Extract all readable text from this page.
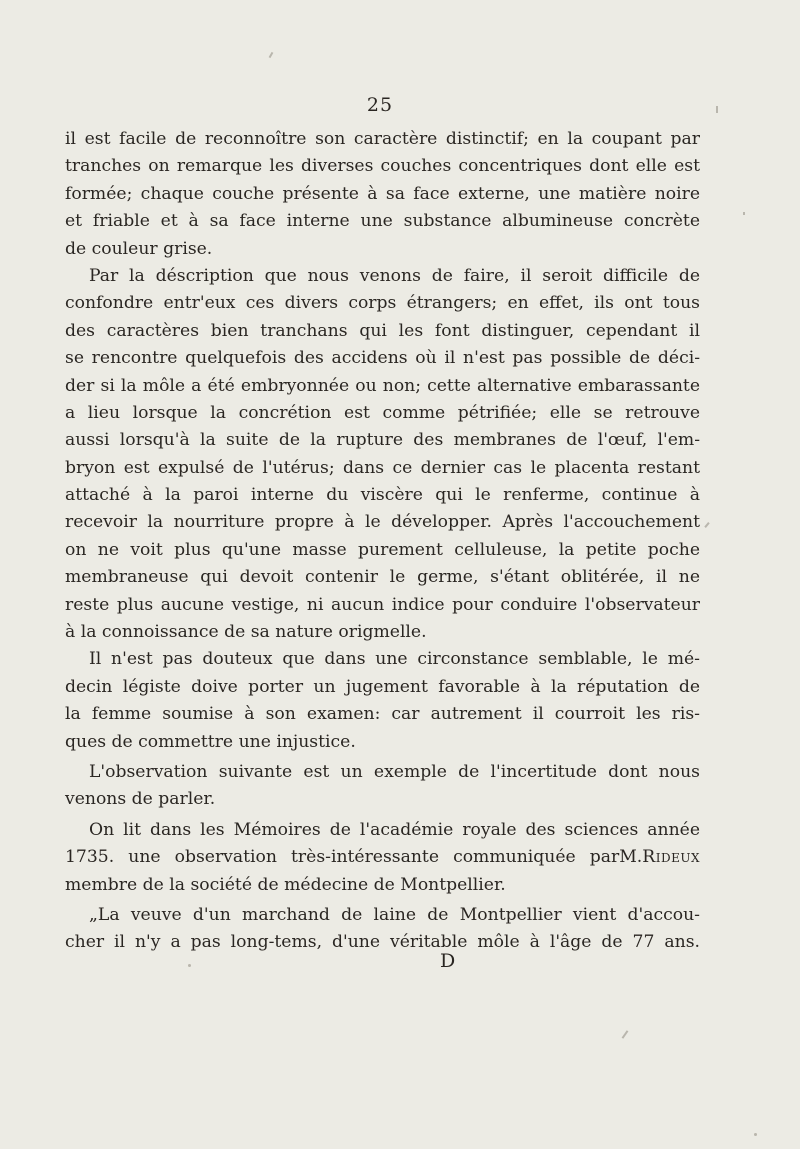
25
il est facile de reconnoître son caractère distinctif; en la coupant par
tranches on remarque les diverses couches concentriques dont elle est
formée; chaque couche présente à sa face externe, une matière noire
et friable et à sa face interne une substance albumineuse concrète
de couleur grise.
Par la déscription que nous venons de faire, il seroit difficile de
confondre entr'eux ces divers corps étrangers; en effet, ils ont tous
des caractères bien tranchans qui les font distinguer, cependant il
se rencontre quelquefois des accidens où il n'est pas possible de déci-
der si la môle a été embryonnée ou non; cette alternative embarassante
a lieu lorsque la concrétion est comme pétrifiée; elle se retrouve
aussi lorsqu'à la suite de la rupture des membranes de l'œuf, l'em-
bryon est expulsé de l'utérus; dans ce dernier cas le placenta restant
attaché à la paroi interne du viscère qui le renferme, continue à
recevoir la nourriture propre à le développer. Après l'accouchement
on ne voit plus qu'une masse purement celluleuse, la petite poche
membraneuse qui devoit contenir le germe, s'étant oblitérée, il ne
reste plus aucune vestige, ni aucun indice pour conduire l'observateur
à la connoissance de sa nature origmelle.
Il n'est pas douteux que dans une circonstance semblable, le mé-
decin légiste doive porter un jugement favorable à la réputation de
la femme soumise à son examen: car autrement il courroit les ris-
ques de commettre une injustice.
L'observation suivante est un exemple de l'incertitude dont nous
venons de parler.
On lit dans les Mémoires de l'académie royale des sciences année
1735. une observation très-intéressante communiquée parM.Rideux
membre de la société de médecine de Montpellier.
„La veuve d'un marchand de laine de Montpellier vient d'accou-
cher il n'y a pas long-tems, d'une véritable môle à l'âge de 77 ans.
D
